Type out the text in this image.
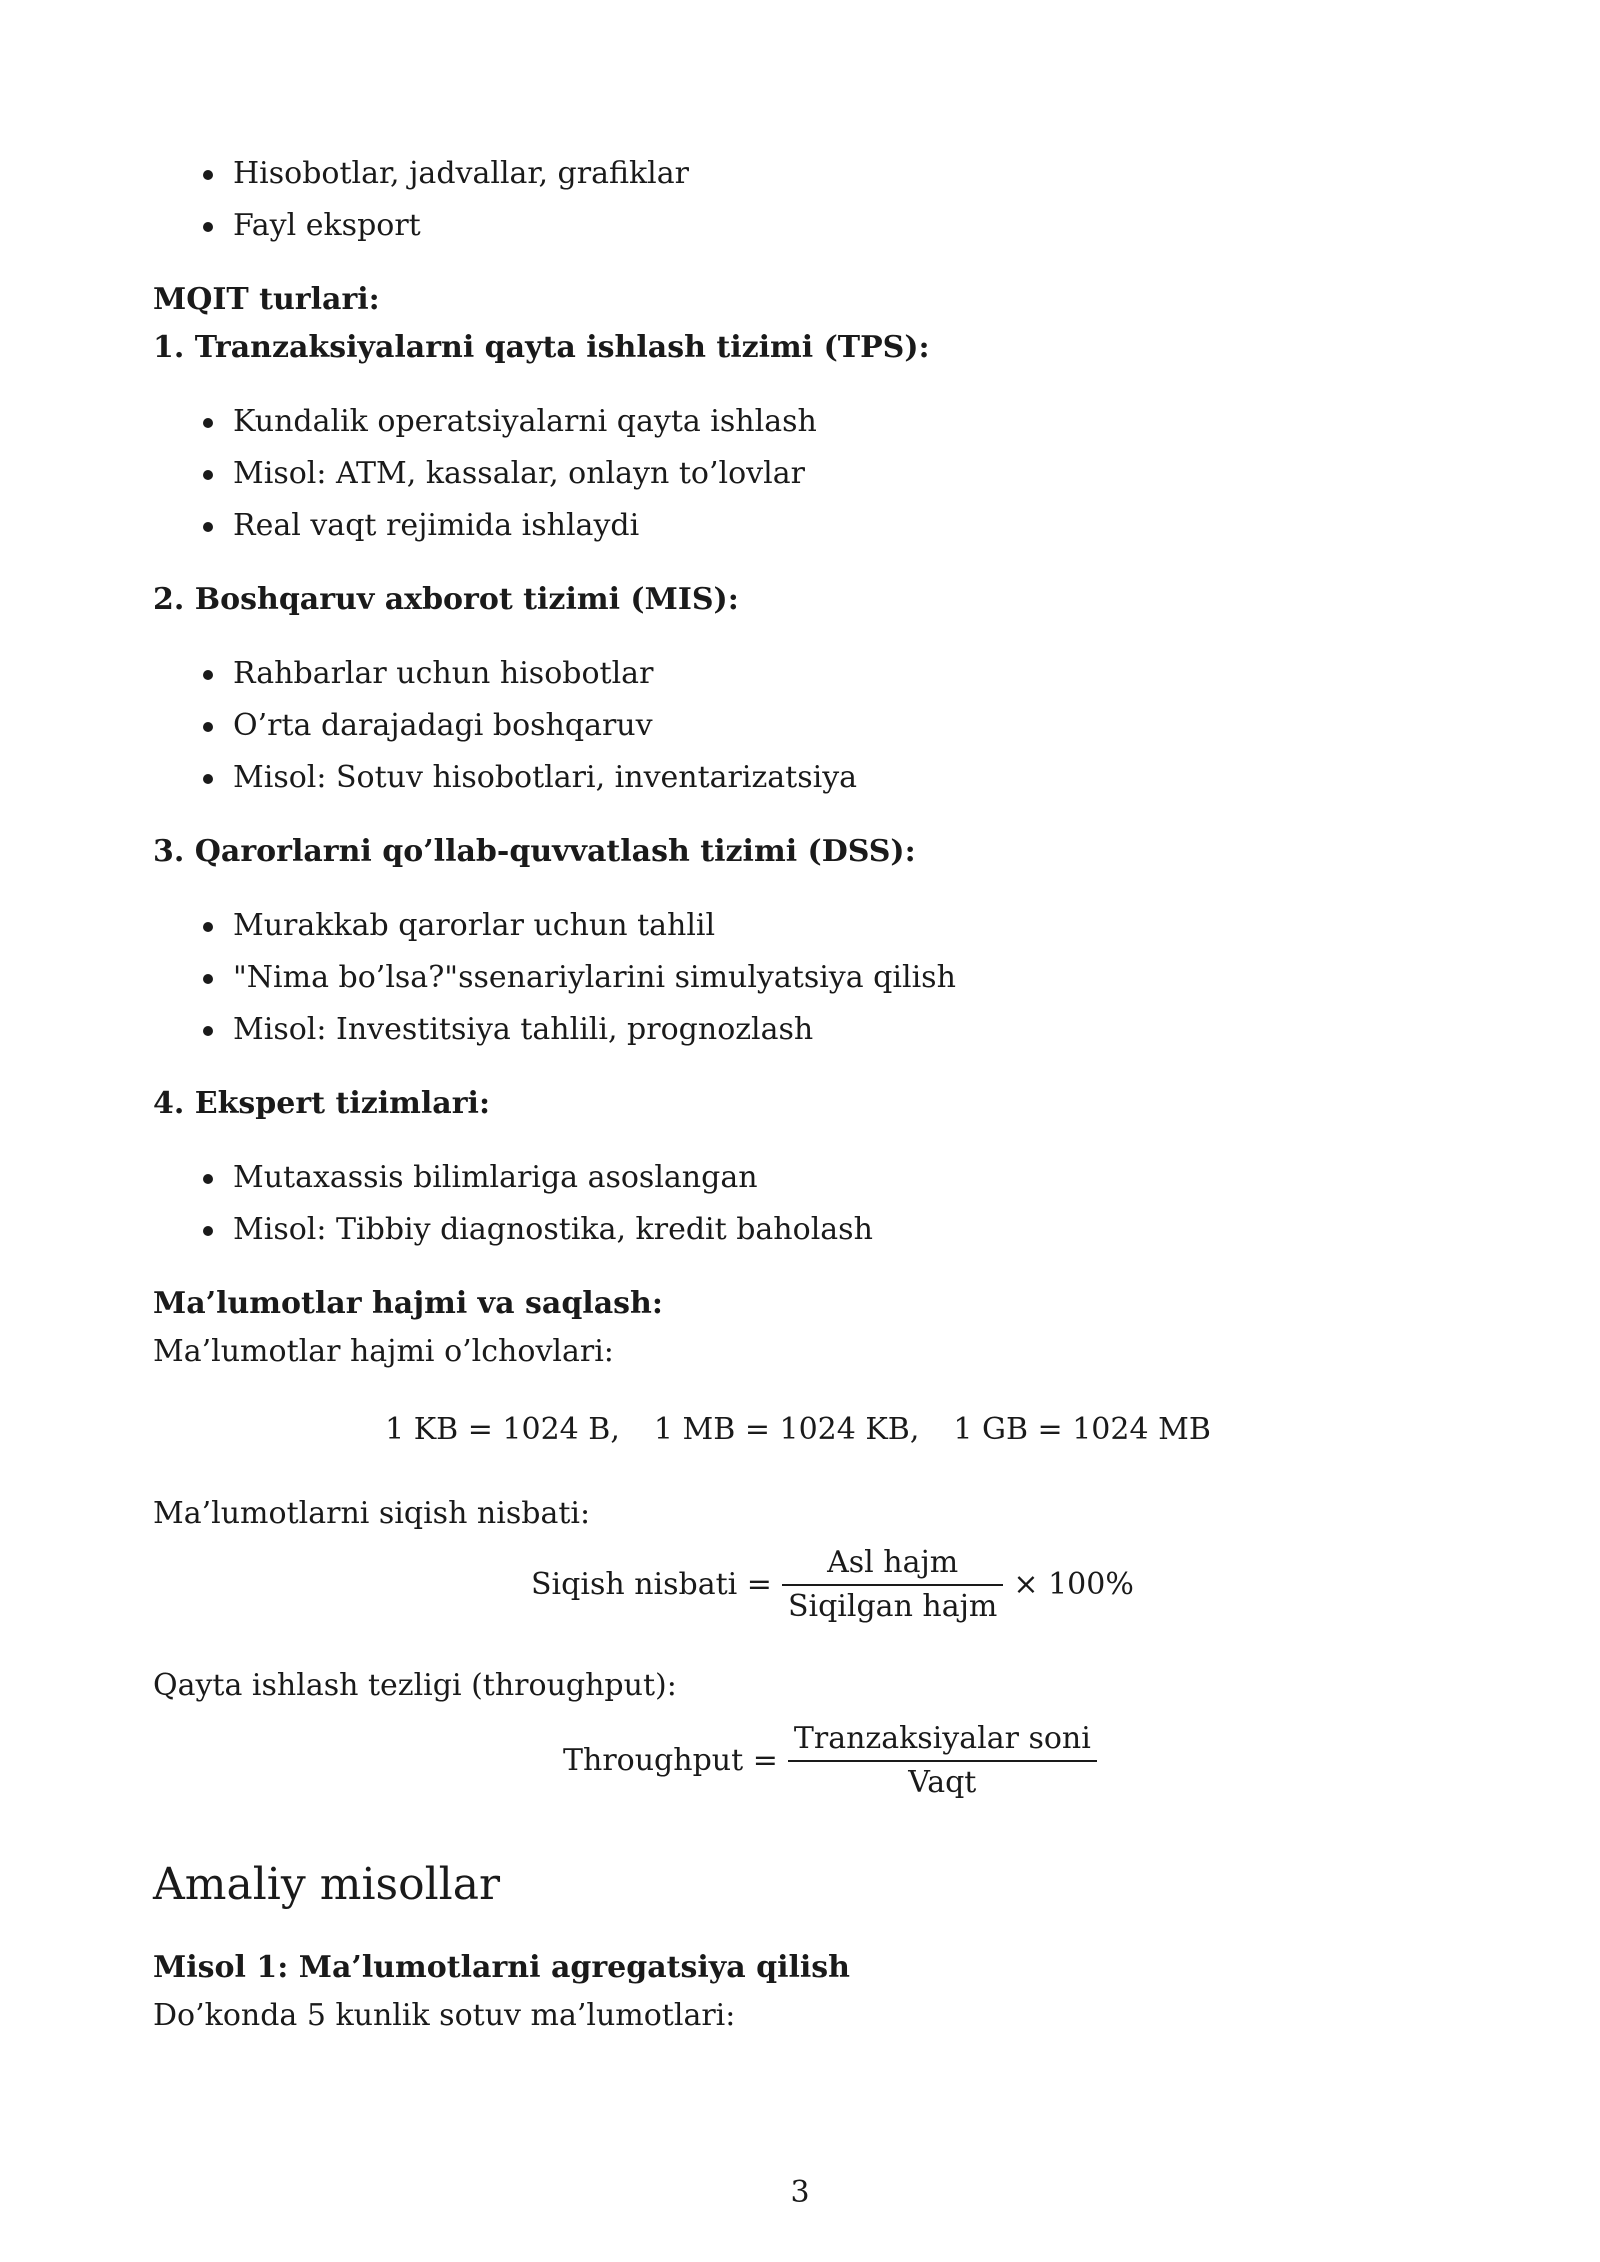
Hisobotlar, jadvallar, grafiklar
Fayl eksport
MQIT turlari:
1. Tranzaksiyalarni qayta ishlash tizimi (TPS):
Kundalik operatsiyalarni qayta ishlash
Misol: ATM, kassalar, onlayn to’lovlar
Real vaqt rejimida ishlaydi
2. Boshqaruv axborot tizimi (MIS):
Rahbarlar uchun hisobotlar
O’rta darajadagi boshqaruv
Misol: Sotuv hisobotlari, inventarizatsiya
3. Qarorlarni qo’llab-quvvatlash tizimi (DSS):
Murakkab qarorlar uchun tahlil
"Nima bo’lsa?"ssenariylarini simulyatsiya qilish
Misol: Investitsiya tahlili, prognozlash
4. Ekspert tizimlari:
Mutaxassis bilimlariga asoslangan
Misol: Tibbiy diagnostika, kredit baholash
Ma’lumotlar hajmi va saqlash:
Ma’lumotlar hajmi o’lchovlari:
1 KB = 1024 B, 1 MB = 1024 KB, 1 GB = 1024 MB
Ma’lumotlarni siqish nisbati:
Siqish nisbati = $\frac{\text{Asl hajm}}{\text{Siqilgan hajm}} \times 100\%$
Qayta ishlash tezligi (throughput):
Throughput = $\frac{\text{Tranzaksiyalar soni}}{\text{Vaqt}}$
Amaliy misollar
Misol 1: Ma’lumotlarni agregatsiya qilish
Do’konda 5 kunlik sotuv ma’lumotlari:
3
